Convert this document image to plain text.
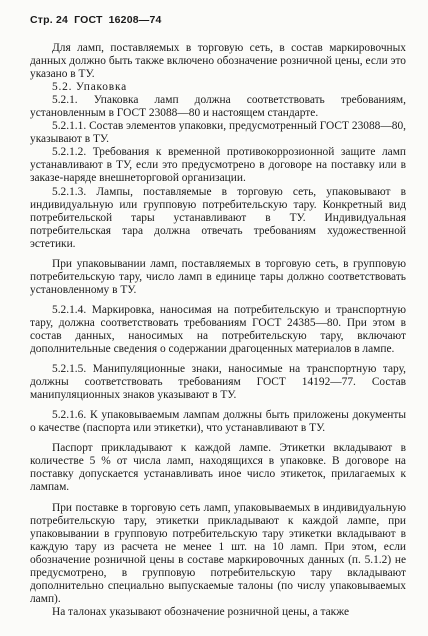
Стр. 24 ГОСТ 16208—74

Для ламп, поставляемых в торговую сеть, в состав маркировочных данных должно быть также включено обозначение розничной цены, если это указано в ТУ.

5.2. Упаковка

5.2.1. Упаковка ламп должна соответствовать требованиям, установленным в ГОСТ 23088—80 и настоящем стандарте.

5.2.1.1. Состав элементов упаковки, предусмотренный ГОСТ 23088—80, указывают в ТУ.

5.2.1.2. Требования к временной противокоррозионной защите ламп устанавливают в ТУ, если это предусмотрено в договоре на поставку или в заказе-наряде внешнеторговой организации.

5.2.1.3. Лампы, поставляемые в торговую сеть, упаковывают в индивидуальную или групповую потребительскую тару. Конкретный вид потребительской тары устанавливают в ТУ. Индивидуальная потребительская тара должна отвечать требованиям художественной эстетики.

При упаковывании ламп, поставляемых в торговую сеть, в групповую потребительскую тару, число ламп в единице тары должно соответствовать установленному в ТУ.

5.2.1.4. Маркировка, наносимая на потребительскую и транспортную тару, должна соответствовать требованиям ГОСТ 24385—80. При этом в состав данных, наносимых на потребительскую тару, включают дополнительные сведения о содержании драгоценных материалов в лампе.

5.2.1.5. Манипуляционные знаки, наносимые на транспортную тару, должны соответствовать требованиям ГОСТ 14192—77. Состав манипуляционных знаков указывают в ТУ.

5.2.1.6. К упаковываемым лампам должны быть приложены документы о качестве (паспорта или этикетки), что устанавливают в ТУ.

Паспорт прикладывают к каждой лампе. Этикетки вкладывают в количестве 5 % от числа ламп, находящихся в упаковке. В договоре на поставку допускается устанавливать иное число этикеток, прилагаемых к лампам.

При поставке в торговую сеть ламп, упаковываемых в индивидуальную потребительскую тару, этикетки прикладывают к каждой лампе, при упаковывании в групповую потребительскую тару этикетки вкладывают в каждую тару из расчета не менее 1 шт. на 10 ламп. При этом, если обозначение розничной цены в составе маркировочных данных (п. 5.1.2) не предусмотрено, в групповую потребительскую тару вкладывают дополнительно специально выпускаемые талоны (по числу упаковываемых ламп).

На талонах указывают обозначение розничной цены, а также
